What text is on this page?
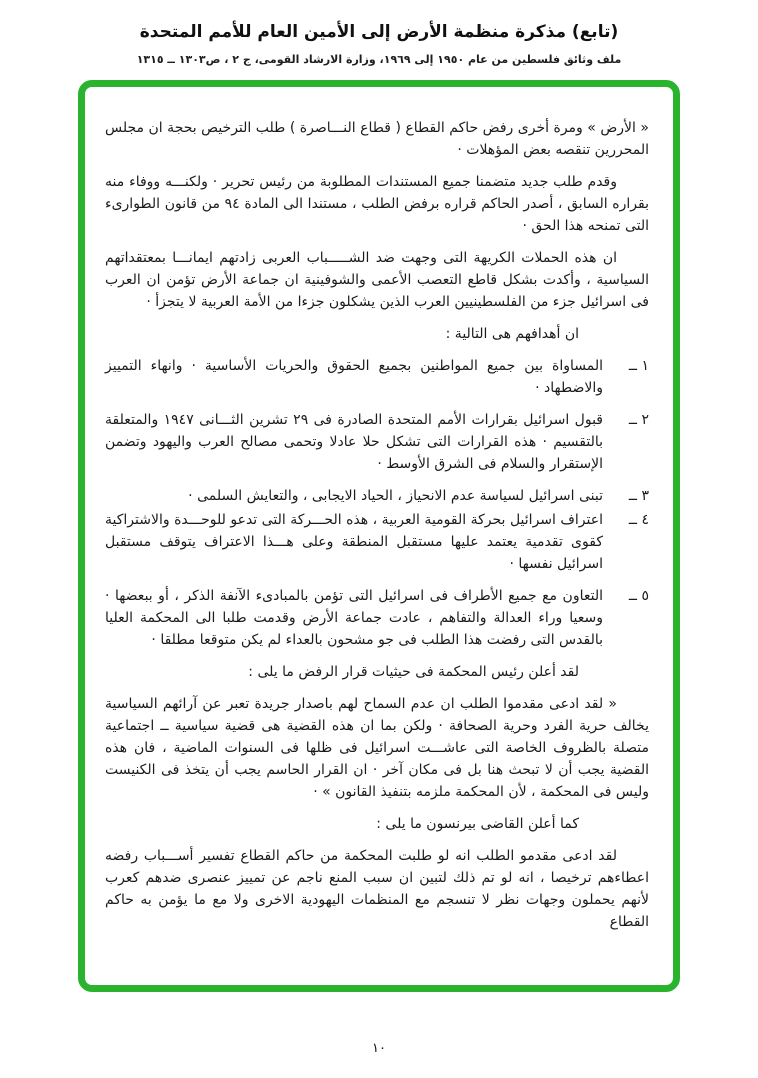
(تابع) مذكرة منظمة الأرض إلى الأمين العام للأمم المتحدة
ملف وثائق فلسطين من عام ١٩٥٠ إلى ١٩٦٩، وزارة الارشاد القومى، ج ٢ ، ص١٣٠٣ ــ ١٣١٥

« الأرض » ومرة أخرى رفض حاكم القطاع ( قطاع النـــاصرة ) طلب الترخيص بحجة ان مجلس المحررين تنقصه بعض المؤهلات ·

وقدم طلب جديد متضمنا جميع المستندات المطلوبة من رئيس تحرير · ولكنـــه ووفاء منه بقراره السابق ، أصدر الحاكم قراره برفض الطلب ، مستندا الى المادة ٩٤ من قانون الطوارىء التى تمنحه هذا الحق ·

ان هذه الحملات الكريهة التى وجهت ضد الشـــــباب العربى زادتهم ايمانـــا بمعتقداتهم السياسية ، وأكدت بشكل قاطع التعصب الأعمى والشوفينية ان جماعة الأرض تؤمن ان العرب فى اسرائيل جزء من الفلسطينيين العرب الذين يشكلون جزءا من الأمة العربية لا يتجزأ ·

ان أهدافهم هى التالية :

١ ــ
المساواة بين جميع المواطنين بجميع الحقوق والحريات الأساسية · وانهاء التمييز والاضطهاد ·
٢ ــ
قبول اسرائيل بقرارات الأمم المتحدة الصادرة فى ٢٩ تشرين الثـــانى ١٩٤٧ والمتعلقة بالتقسيم · هذه القرارات التى تشكل حلا عادلا وتحمى مصالح العرب واليهود وتضمن الإستقرار والسلام فى الشرق الأوسط ·
٣ ــ
تبنى اسرائيل لسياسة عدم الانحياز ، الحياد الايجابى ، والتعايش السلمى ·
٤ ــ
اعتراف اسرائيل بحركة القومية العربية ، هذه الحـــركة التى تدعو للوحـــدة والاشتراكية كقوى تقدمية يعتمد عليها مستقبل المنطقة وعلى هـــذا الاعتراف يتوقف مستقبل اسرائيل نفسها ·
٥ ــ
التعاون مع جميع الأطراف فى اسرائيل التى تؤمن بالمبادىء الآنفة الذكر ، أو ببعضها · وسعيا وراء العدالة والتفاهم ، عادت جماعة الأرض وقدمت طلبا الى المحكمة العليا بالقدس التى رفضت هذا الطلب فى جو مشحون بالعداء لم يكن متوقعا مطلقا ·

لقد أعلن رئيس المحكمة فى حيثيات قرار الرفض ما يلى :

« لقد ادعى مقدموا الطلب ان عدم السماح لهم باصدار جريدة تعبر عن آرائهم السياسية يخالف حرية الفرد وحرية الصحافة · ولكن بما ان هذه القضية هى قضية سياسية ــ اجتماعية متصلة بالظروف الخاصة التى عاشـــت اسرائيل فى ظلها فى السنوات الماضية ، فان هذه القضية يجب أن لا تبحث هنا بل فى مكان آخر · ان القرار الحاسم يجب أن يتخذ فى الكنيست وليس فى المحكمة ، لأن المحكمة ملزمه بتنفيذ القانون » ·

كما أعلن القاضى بيرنسون ما يلى :

لقد ادعى مقدمو الطلب انه لو طلبت المحكمة من حاكم القطاع تفسير أســـباب رفضه اعطاءهم ترخيصا ، انه لو تم ذلك لتبين ان سبب المنع ناجم عن تمييز عنصرى ضدهم كعرب لأنهم يحملون وجهات نظر لا تنسجم مع المنظمات اليهودية الاخرى ولا مع ما يؤمن به حاكم القطاع

١٠
